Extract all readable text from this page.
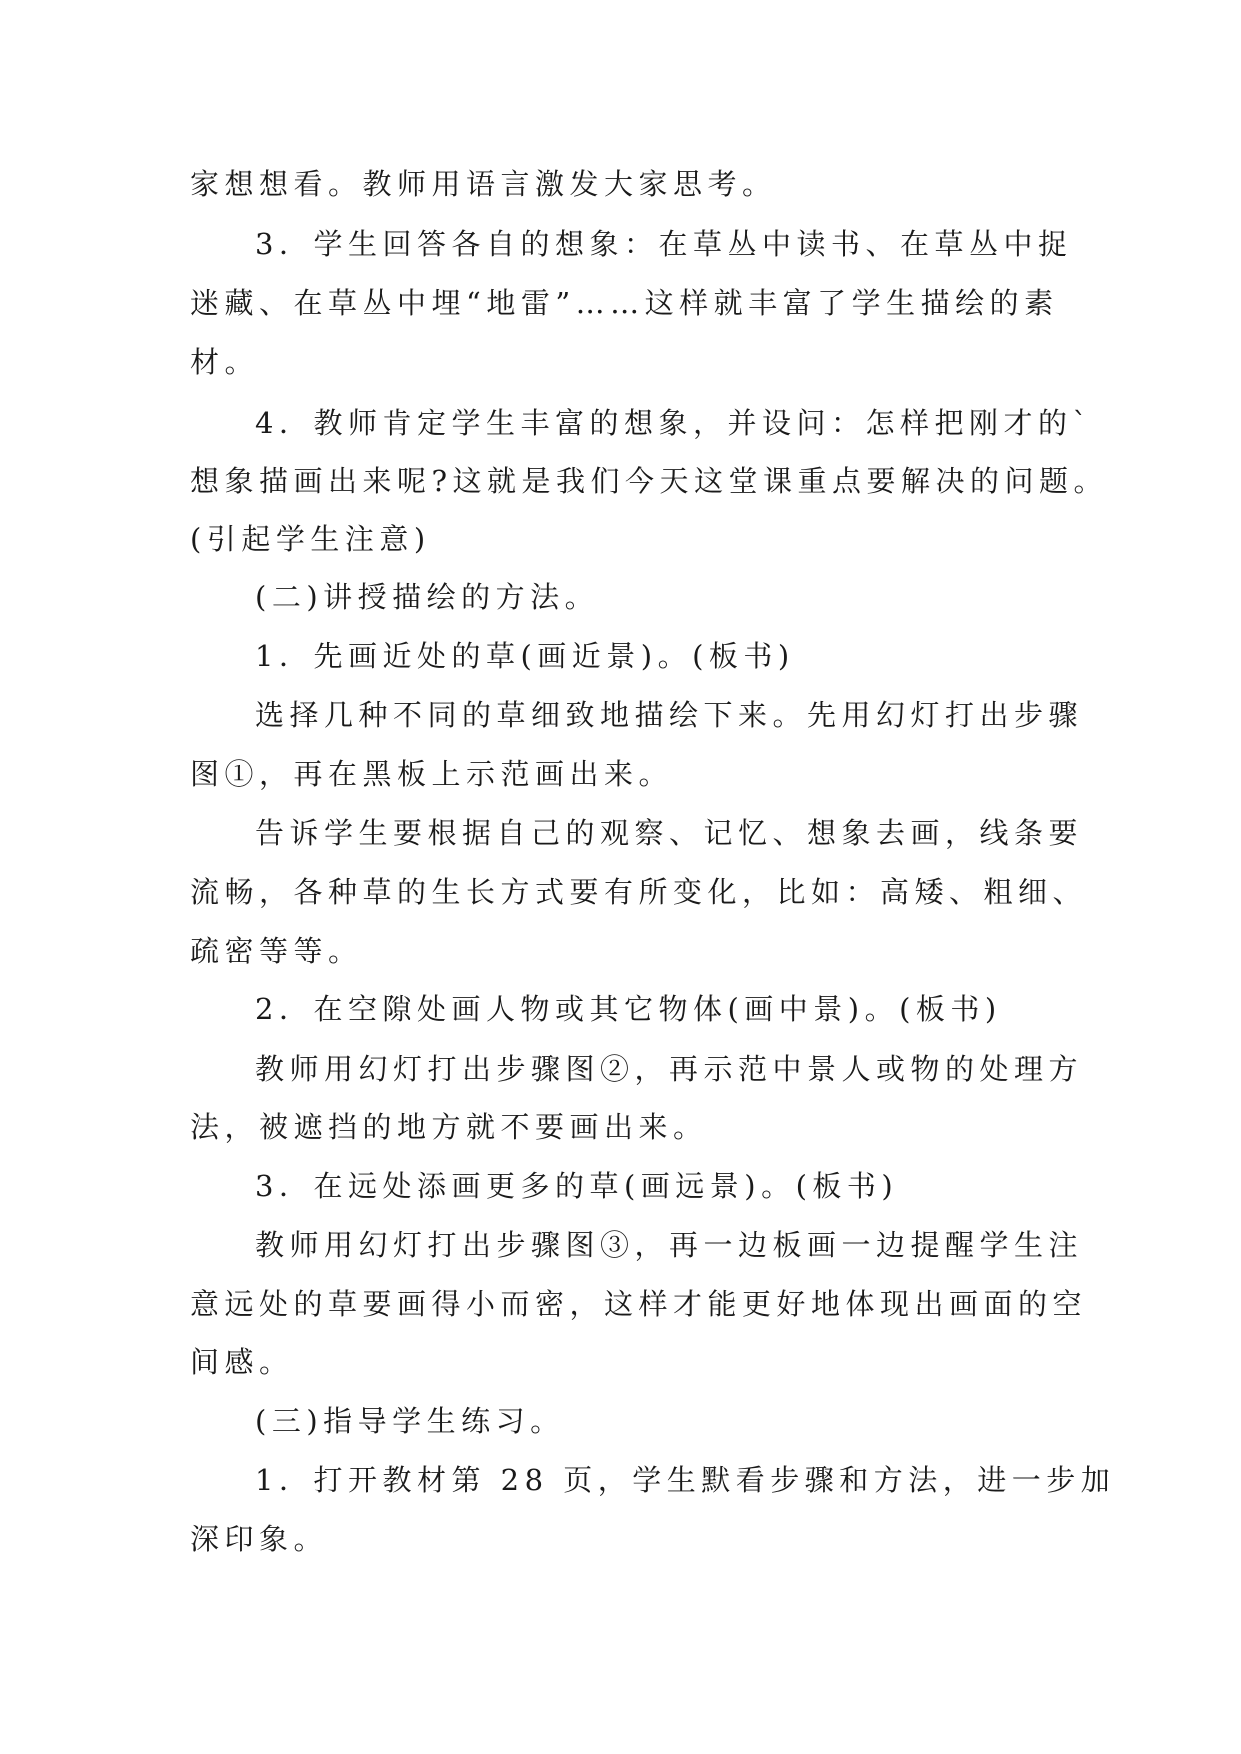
家想想看。教师用语言激发大家思考。
3．学生回答各自的想象：在草丛中读书、在草丛中捉
迷藏、在草丛中埋“地雷”……这样就丰富了学生描绘的素
材。
4．教师肯定学生丰富的想象，并设问：怎样把刚才的`
想象描画出来呢?这就是我们今天这堂课重点要解决的问题。
(引起学生注意)
(二)讲授描绘的方法。
1．先画近处的草(画近景)。(板书)
选择几种不同的草细致地描绘下来。先用幻灯打出步骤
图①，再在黑板上示范画出来。
告诉学生要根据自己的观察、记忆、想象去画，线条要
流畅，各种草的生长方式要有所变化，比如：高矮、粗细、
疏密等等。
2．在空隙处画人物或其它物体(画中景)。(板书)
教师用幻灯打出步骤图②，再示范中景人或物的处理方
法，被遮挡的地方就不要画出来。
3．在远处添画更多的草(画远景)。(板书)
教师用幻灯打出步骤图③，再一边板画一边提醒学生注
意远处的草要画得小而密，这样才能更好地体现出画面的空
间感。
(三)指导学生练习。
1．打开教材第 28 页，学生默看步骤和方法，进一步加
深印象。
